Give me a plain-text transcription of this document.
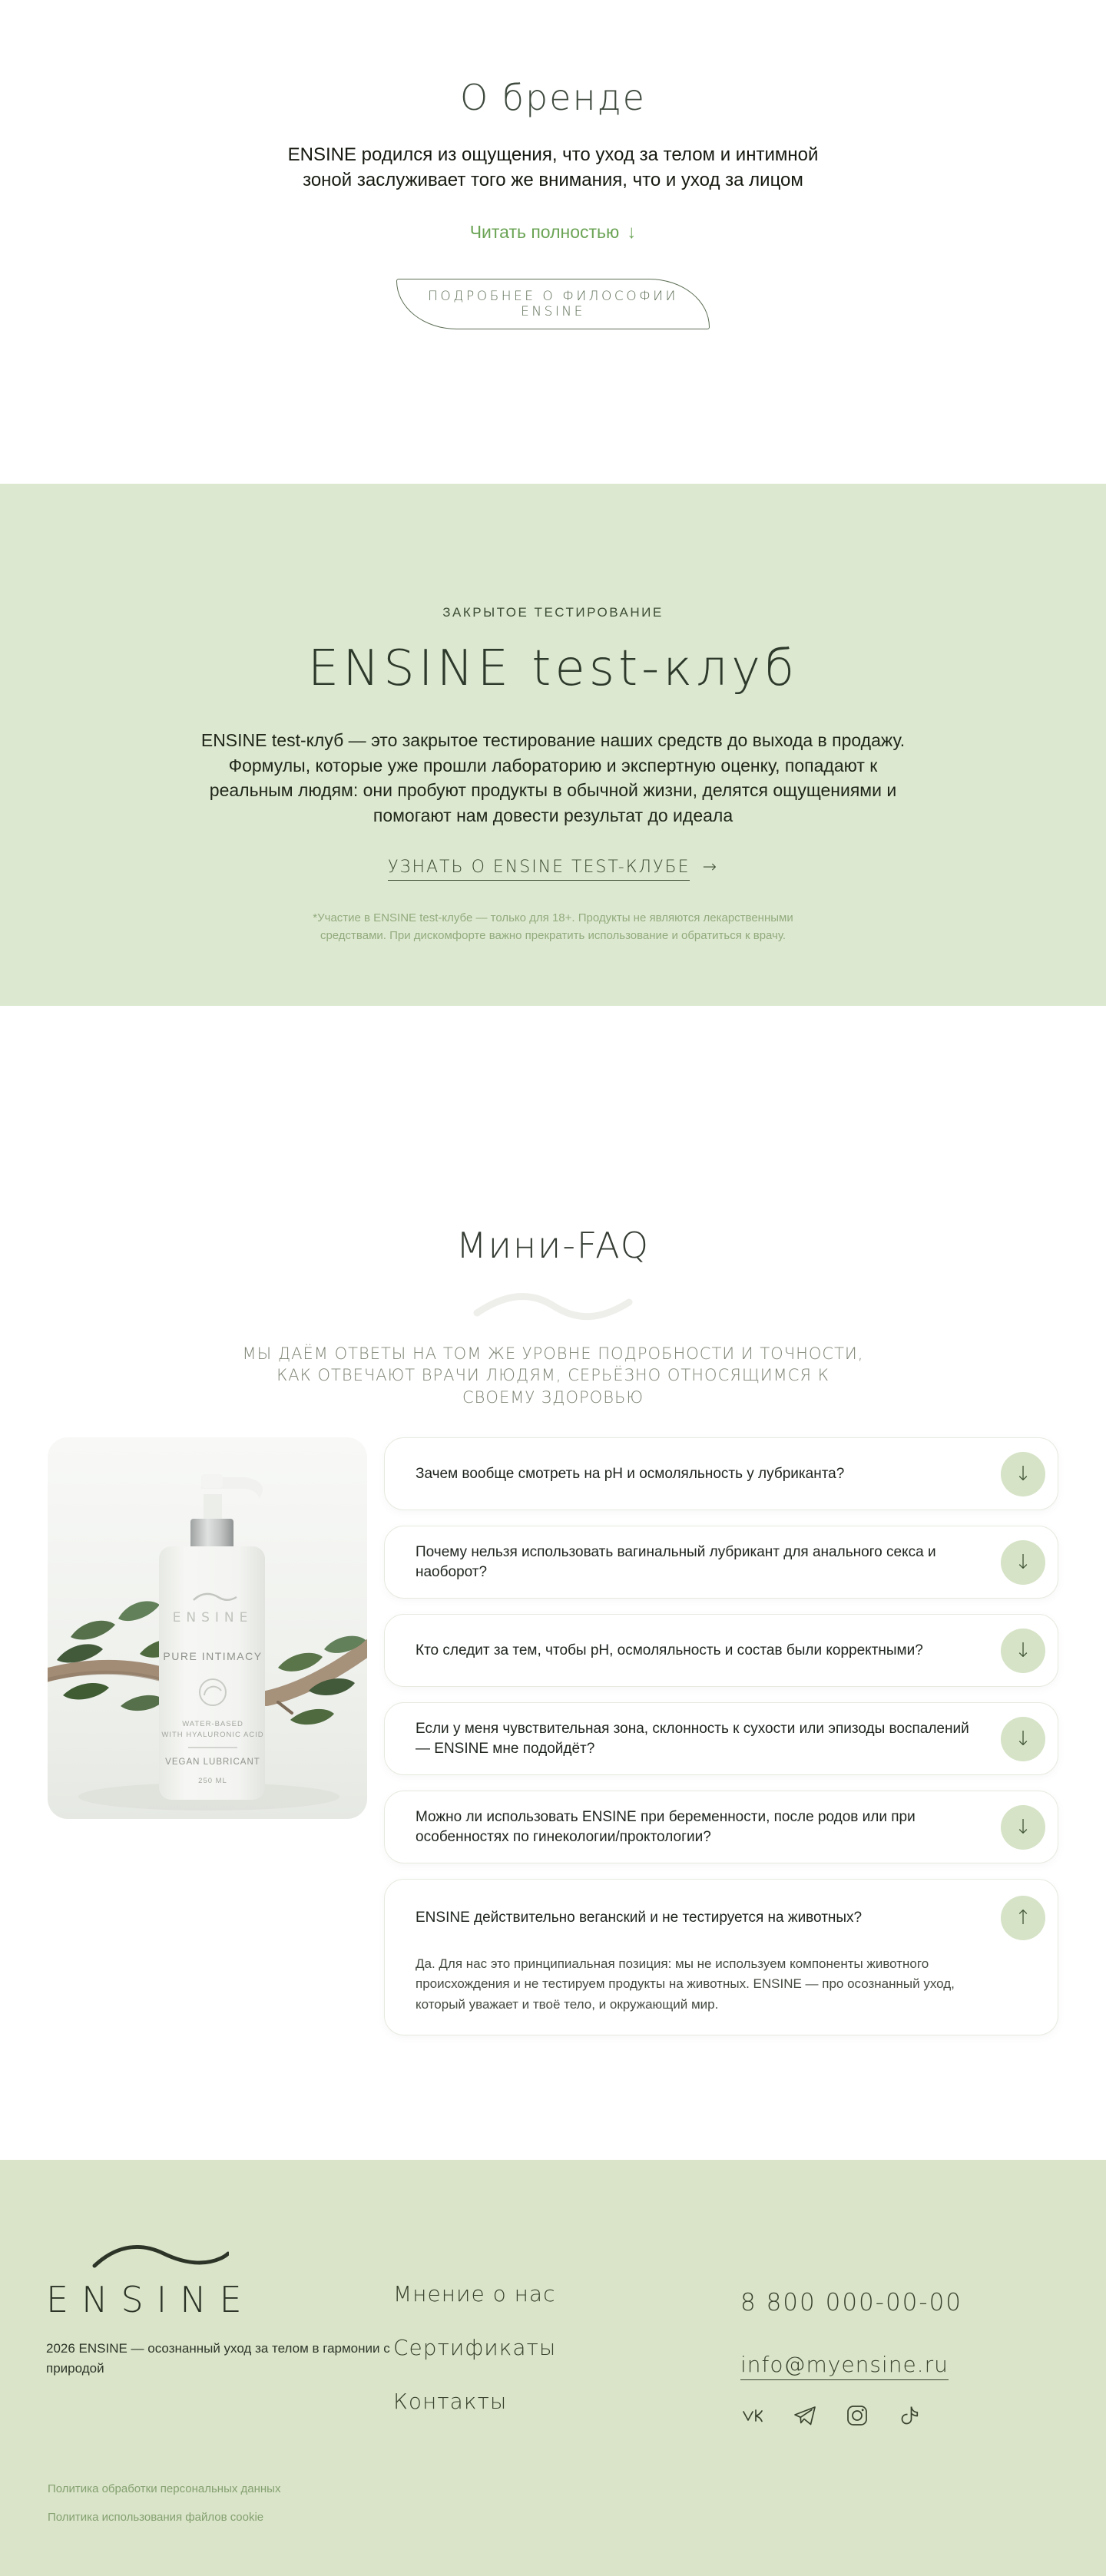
О бренде

ENSINE родился из ощущения, что уход за телом и интимной зоной заслуживает того же внимания, что и уход за лицом

Читать полностью ↓
ПОДРОБНЕЕ О ФИЛОСОФИИ ENSINE
ЗАКРЫТОЕ ТЕСТИРОВАНИЕ
ENSINE test-клуб

ENSINE test-клуб — это закрытое тестирование наших средств до выхода в продажу. Формулы, которые уже прошли лабораторию и экспертную оценку, попадают к реальным людям: они пробуют продукты в обычной жизни, делятся ощущениями и помогают нам довести результат до идеала

УЗНАТЬ О ENSINE TEST-КЛУБЕ →

*Участие в ENSINE test-клубе — только для 18+. Продукты не являются лекарственными средствами. При дискомфорте важно прекратить использование и обратиться к врачу.

Мини-FAQ

МЫ ДАЁМ ОТВЕТЫ НА ТОМ ЖЕ УРОВНЕ ПОДРОБНОСТИ И ТОЧНОСТИ, КАК ОТВЕЧАЮТ ВРАЧИ ЛЮДЯМ, СЕРЬЁЗНО ОТНОСЯЩИМСЯ К СВОЕМУ ЗДОРОВЬЮ

ENSINE
PURE INTIMACY
WATER-BASED
WITH HYALURONIC ACID
VEGAN LUBRICANT
250 ML
Зачем вообще смотреть на pH и осмоляльность у лубриканта?	↓
Почему нельзя использовать вагинальный лубрикант для анального секса и наоборот?	↓
Кто следит за тем, чтобы pH, осмоляльность и состав были корректными?	↓
Если у меня чувствительная зона, склонность к сухости или эпизоды воспалений — ENSINE мне подойдёт?	↓
Можно ли использовать ENSINE при беременности, после родов или при особенностях по гинекологии/проктологии?	↓
ENSINE действительно веганский и не тестируется на животных?	↑
Да. Для нас это принципиальная позиция: мы не используем компоненты животного происхождения и не тестируем продукты на животных. ENSINE — про осознанный уход, который уважает и твоё тело, и окружающий мир.
ENSINE

2026 ENSINE — осознанный уход за телом в гармонии с природой

Мнение о нас
Сертификаты
Контакты
8 800 000-00-00
info@myensine.ru
Политика обработки персональных данных
Политика использования файлов cookie
